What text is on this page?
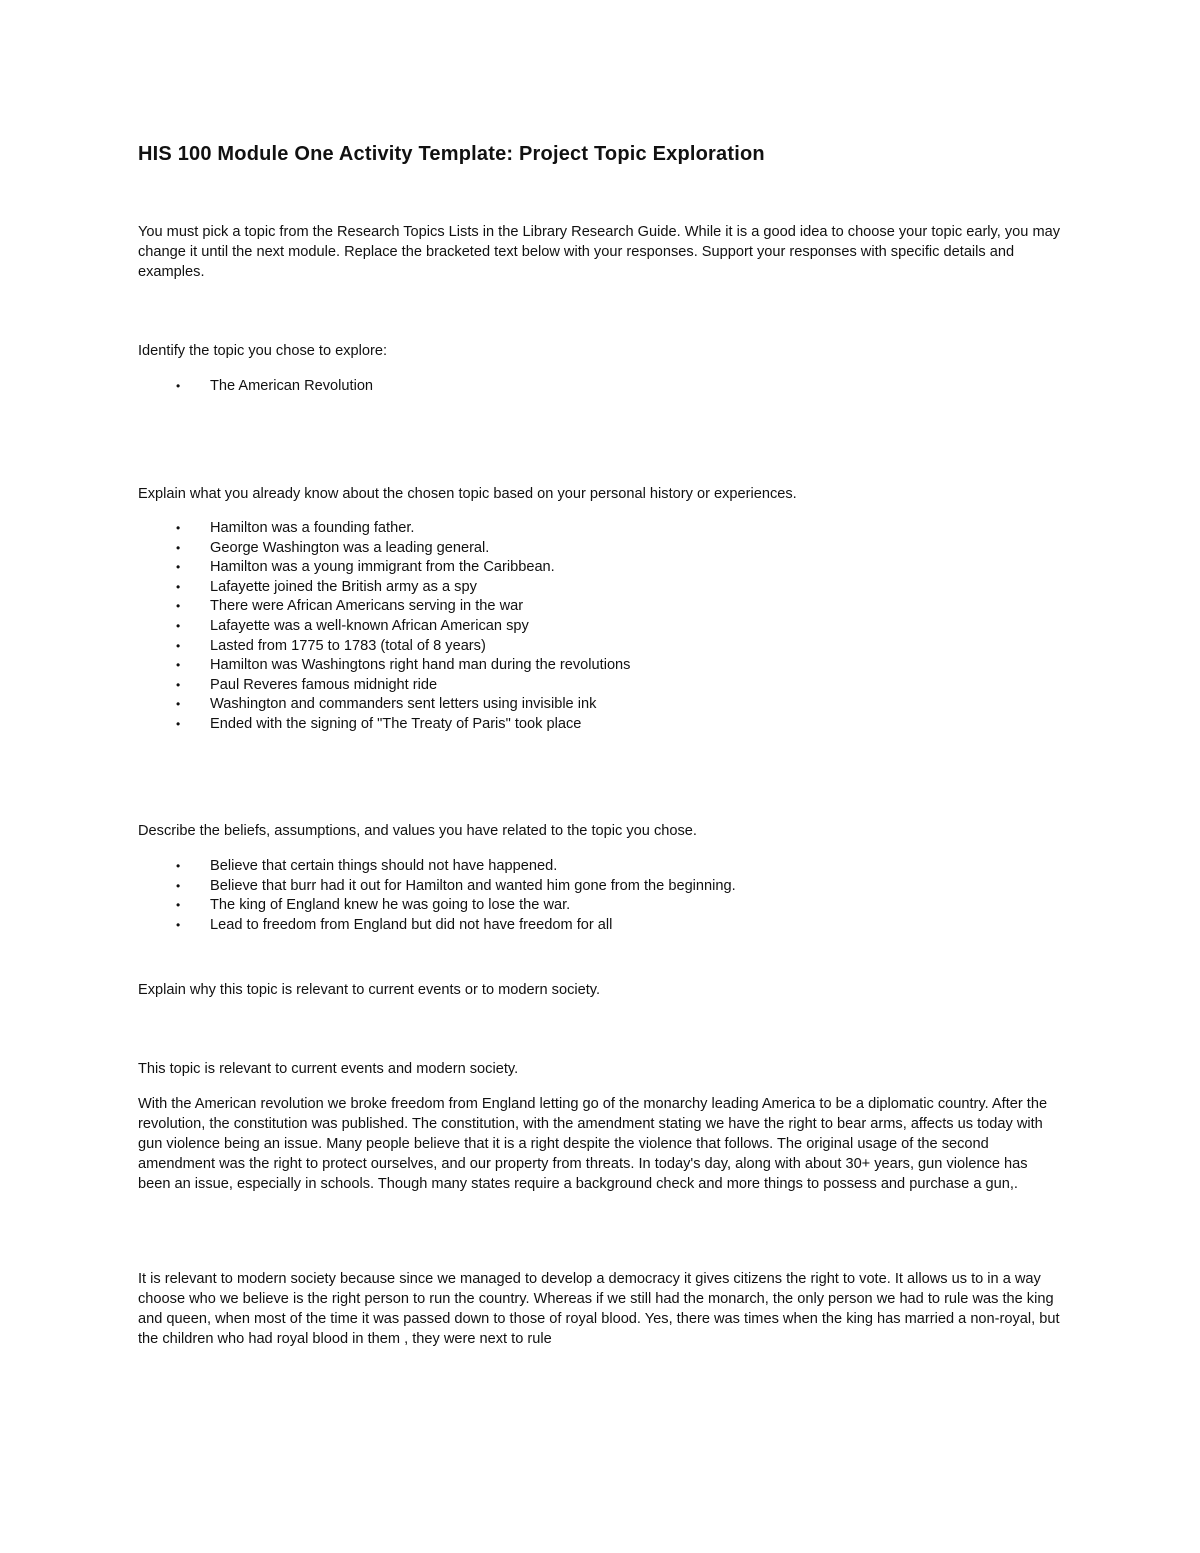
HIS 100 Module One Activity Template: Project Topic Exploration

You must pick a topic from the Research Topics Lists in the Library Research Guide. While it is a good idea to choose your topic early, you may change it until the next module. Replace the bracketed text below with your responses. Support your responses with specific details and examples.

Identify the topic you chose to explore:

• The American Revolution

Explain what you already know about the chosen topic based on your personal history or experiences.

• Hamilton was a founding father.
• George Washington was a leading general.
• Hamilton was a young immigrant from the Caribbean.
• Lafayette joined the British army as a spy
• There were African Americans serving in the war
• Lafayette was a well-known African American spy
• Lasted from 1775 to 1783 (total of 8 years)
• Hamilton was Washingtons right hand man during the revolutions
• Paul Reveres famous midnight ride
• Washington and commanders sent letters using invisible ink
• Ended with the signing of "The Treaty of Paris" took place

Describe the beliefs, assumptions, and values you have related to the topic you chose.

• Believe that certain things should not have happened.
• Believe that burr had it out for Hamilton and wanted him gone from the beginning.
• The king of England knew he was going to lose the war.
• Lead to freedom from England but did not have freedom for all

Explain why this topic is relevant to current events or to modern society.

This topic is relevant to current events and modern society.

With the American revolution we broke freedom from England letting go of the monarchy leading America to be a diplomatic country. After the revolution, the constitution was published. The constitution, with the amendment stating we have the right to bear arms, affects us today with gun violence being an issue. Many people believe that it is a right despite the violence that follows. The original usage of the second amendment was the right to protect ourselves, and our property from threats. In today's day, along with about 30+ years, gun violence has been an issue, especially in schools. Though many states require a background check and more things to possess and purchase a gun,.

It is relevant to modern society because since we managed to develop a democracy it gives citizens the right to vote. It allows us to in a way choose who we believe is the right person to run the country. Whereas if we still had the monarch, the only person we had to rule was the king and queen, when most of the time it was passed down to those of royal blood. Yes, there was times when the king has married a non-royal, but the children who had royal blood in them , they were next to rule
